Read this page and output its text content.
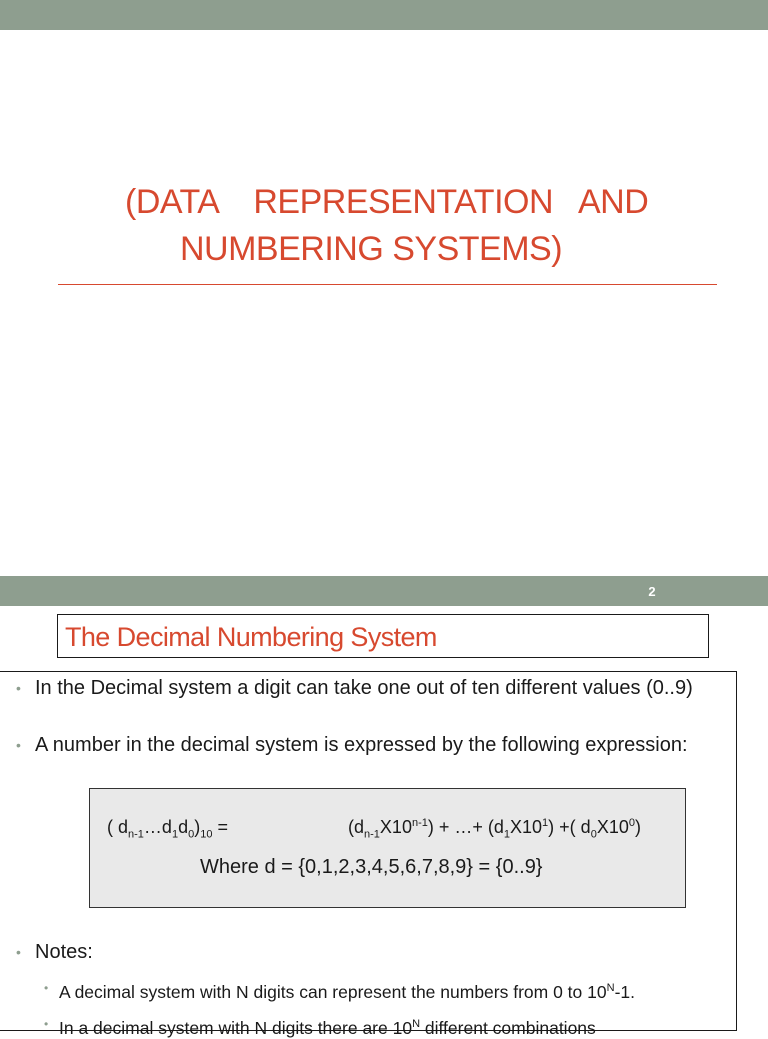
(DATA    REPRESENTATION   AND
NUMBERING SYSTEMS)
2
The Decimal Numbering System
• In the Decimal system a digit can take one out of ten different values (0..9)
• A number in the decimal system is expressed by the following expression:
( $d_{n-1}\dots d_1d_0)_{10}$ =	$(d_{n-1}X10^{n-1})$ + …+ $(d_1X10^1)$ +( $d_0X10^0$)
Where d = {0,1,2,3,4,5,6,7,8,9} = {0..9}
• Notes:
• A decimal system with N digits can represent the numbers from 0 to $10^N-1$.
• In a decimal system with N digits there are $10^N$ different combinations
